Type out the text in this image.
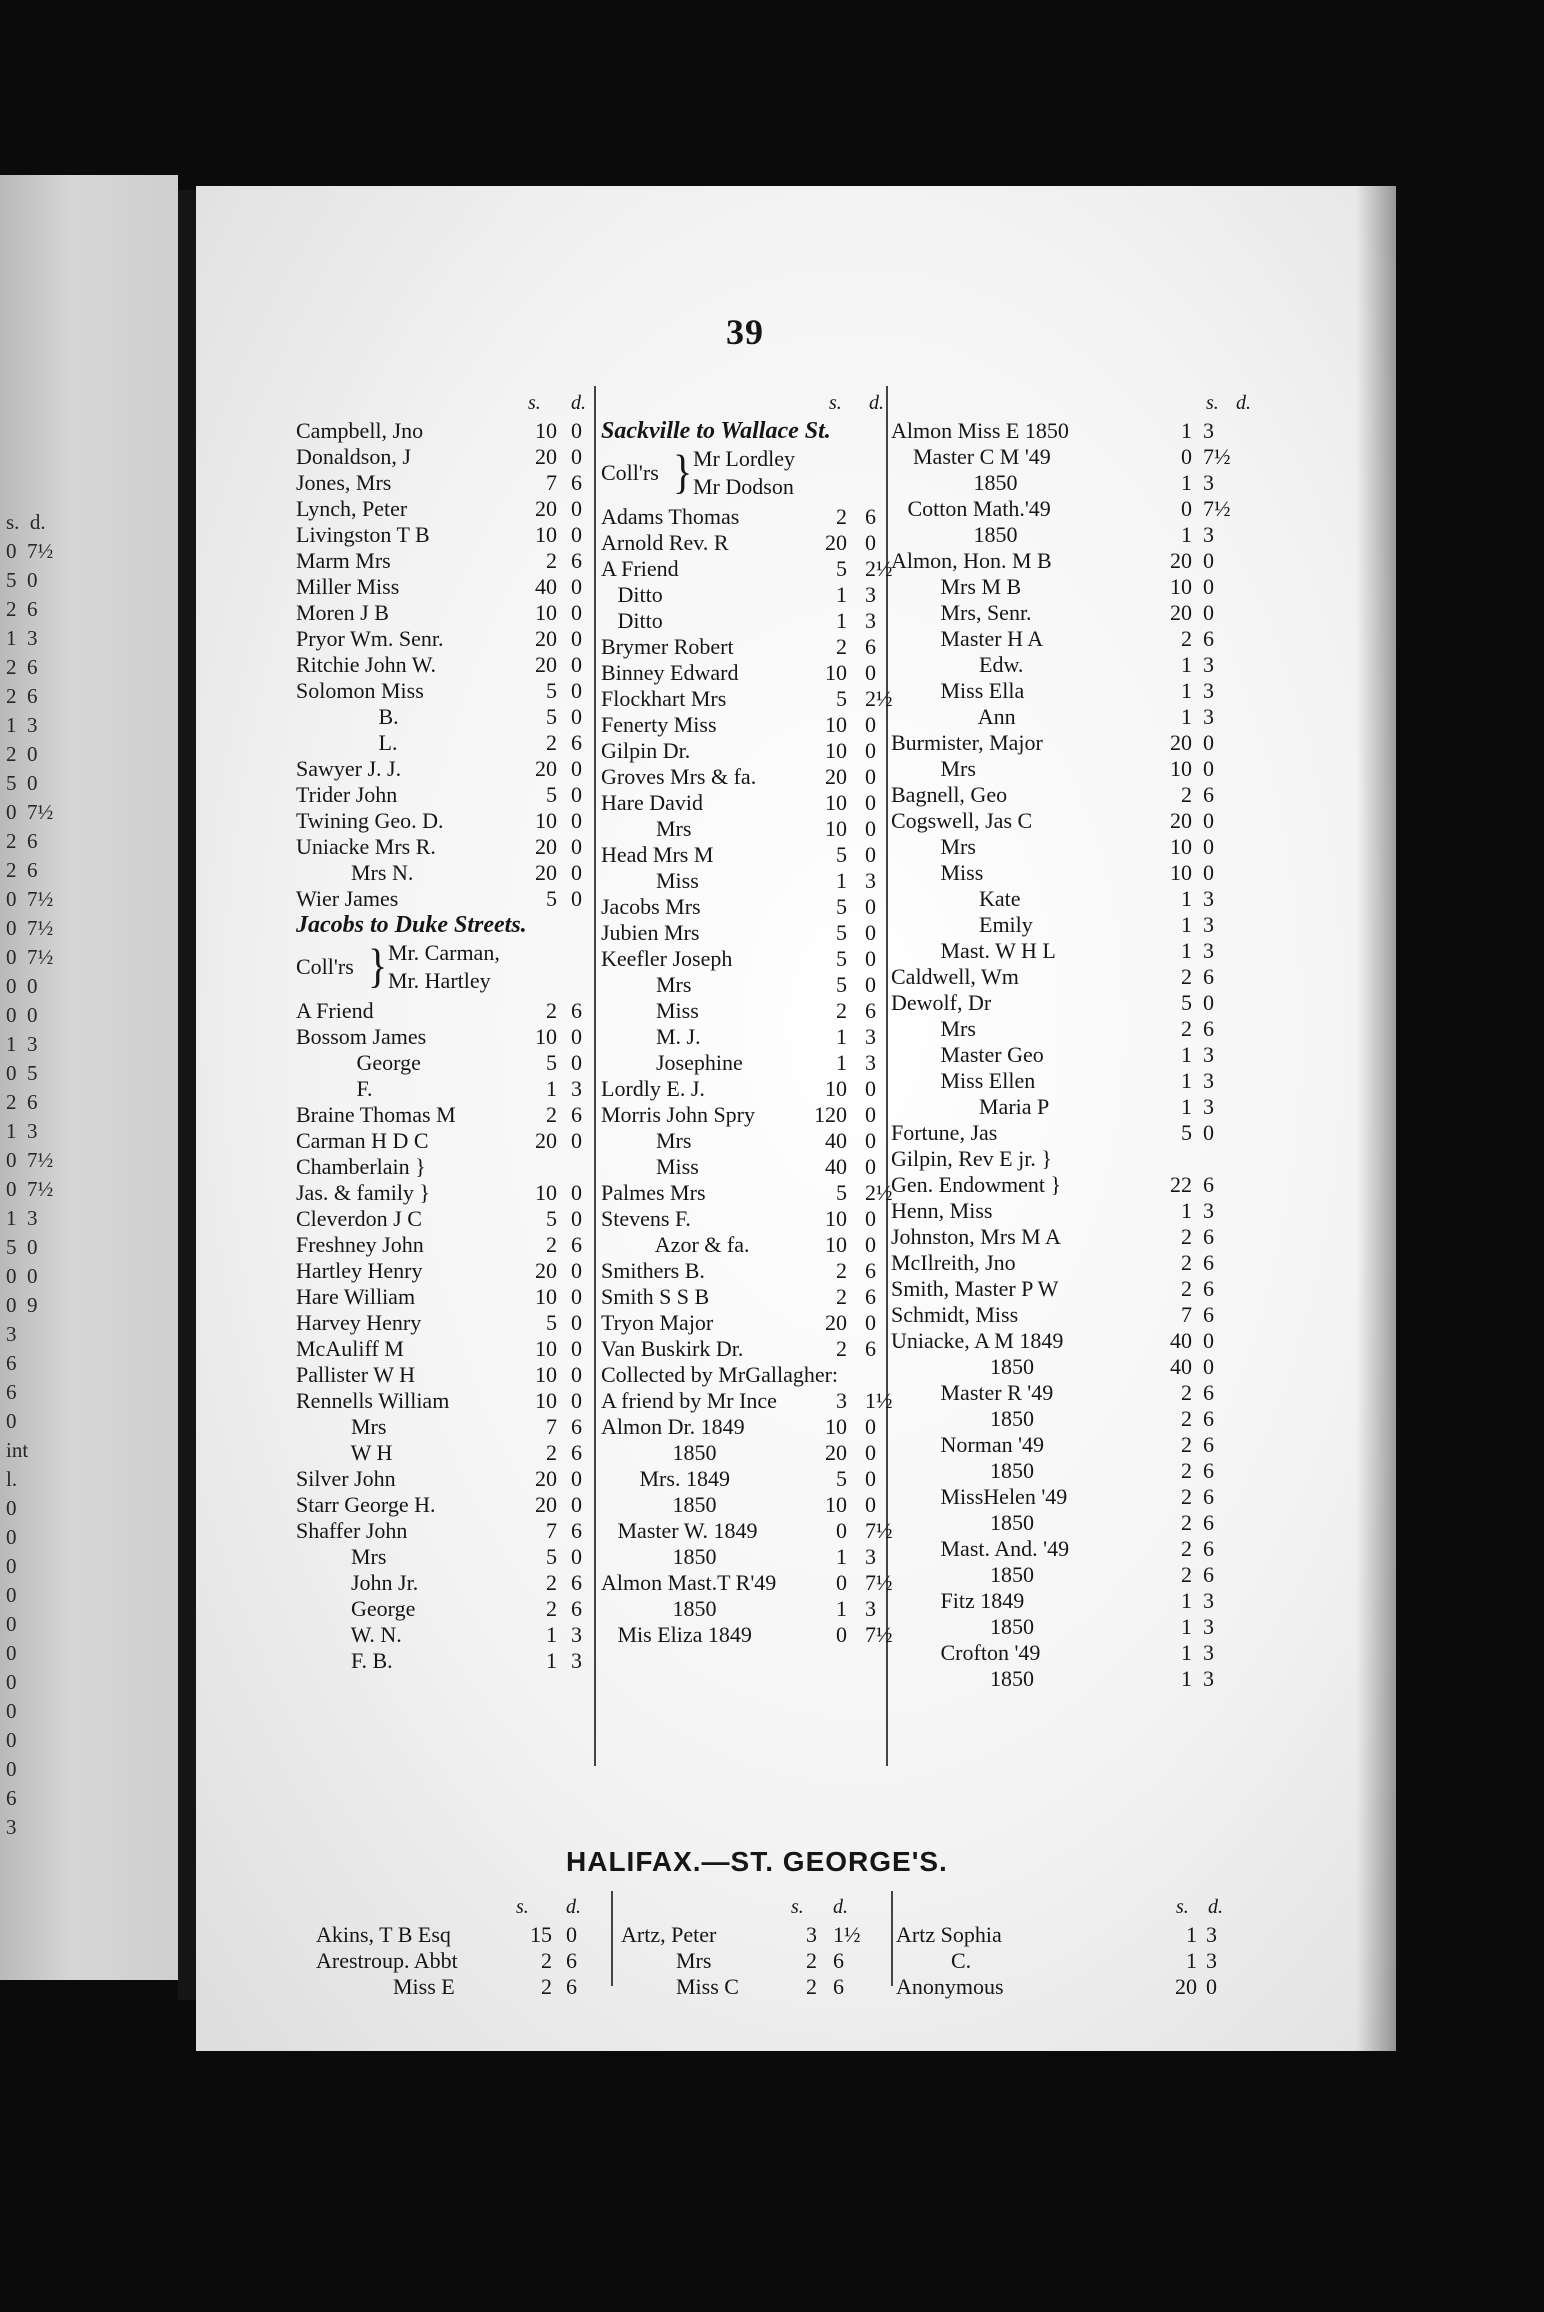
s.  d.
0  7½
5  0
2  6
1  3
2  6
2  6
1  3
2  0
5  0
0  7½
2  6
2  6
0  7½
0  7½
0  7½
0  0
0  0
1  3
0  5
2  6
1  3
0  7½
0  7½
1  3
5  0
0  0
0  9
3
6
6
0
int
l.
0
0
0
0
0
0
0
0
0
0
6
3
39
s. d.
Campbell, Jno	10 0
Donaldson, J	20 0
Jones, Mrs	7 6
Lynch, Peter	20 0
Livingston T B	10 0
Marm Mrs	2 6
Miller Miss	40 0
Moren J B	10 0
Pryor Wm. Senr.	20 0
Ritchie John W.	20 0
Solomon Miss	5 0
B.	5 0
L.	2 6
Sawyer J. J.	20 0
Trider John	5 0
Twining Geo. D.	10 0
Uniacke Mrs R.	20 0
Mrs N.	20 0
Wier James	5 0
Jacobs to Duke Streets.
Coll'rs } Mr. Carman,
Mr. Hartley
A Friend	2 6
Bossom James	10 0
George	5 0
F.	1 3
Braine Thomas M	2 6
Carman H D C	20 0
Chamberlain }
Jas. & family }	10 0
Cleverdon J C	5 0
Freshney John	2 6
Hartley Henry	20 0
Hare William	10 0
Harvey Henry	5 0
McAuliff M	10 0
Pallister W H	10 0
Rennells William	10 0
Mrs	7 6
W H	2 6
Silver John	20 0
Starr George H.	20 0
Shaffer John	7 6
Mrs	5 0
John Jr.	2 6
George	2 6
W. N.	1 3
F. B.	1 3
s. d.
Sackville to Wallace St.
Coll'rs } Mr Lordley
Mr Dodson
Adams Thomas	2 6
Arnold Rev. R	20 0
A Friend	5 2½
Ditto	1 3
Ditto	1 3
Brymer Robert	2 6
Binney Edward	10 0
Flockhart Mrs	5 2½
Fenerty Miss	10 0
Gilpin Dr.	10 0
Groves Mrs & fa.	20 0
Hare David	10 0
Mrs	10 0
Head Mrs M	5 0
Miss	1 3
Jacobs Mrs	5 0
Jubien Mrs	5 0
Keefler Joseph	5 0
Mrs	5 0
Miss	2 6
M. J.	1 3
Josephine	1 3
Lordly E. J.	10 0
Morris John Spry	120 0
Mrs	40 0
Miss	40 0
Palmes Mrs	5 2½
Stevens F.	10 0
Azor & fa.	10 0
Smithers B.	2 6
Smith S S B	2 6
Tryon Major	20 0
Van Buskirk Dr.	2 6
Collected by MrGallagher:
A friend by Mr Ince	3 1½
Almon Dr. 1849	10 0
1850	20 0
Mrs. 1849	5 0
1850	10 0
Master W. 1849	0 7½
1850	1 3
Almon Mast.T R'49	0 7½
1850	1 3
Mis Eliza 1849	0 7½
s. d.
Almon Miss E 1850	1 3
Master C M '49	0 7½
1850	1 3
Cotton Math.'49	0 7½
1850	1 3
Almon, Hon. M B	20 0
Mrs M B	10 0
Mrs, Senr.	20 0
Master H A	2 6
Edw.	1 3
Miss Ella	1 3
Ann	1 3
Burmister, Major	20 0
Mrs	10 0
Bagnell, Geo	2 6
Cogswell, Jas C	20 0
Mrs	10 0
Miss	10 0
Kate	1 3
Emily	1 3
Mast. W H L	1 3
Caldwell, Wm	2 6
Dewolf, Dr	5 0
Mrs	2 6
Master Geo	1 3
Miss Ellen	1 3
Maria P	1 3
Fortune, Jas	5 0
Gilpin, Rev E jr. }
Gen. Endowment }	22 6
Henn, Miss	1 3
Johnston, Mrs M A	2 6
McIlreith, Jno	2 6
Smith, Master P W	2 6
Schmidt, Miss	7 6
Uniacke, A M 1849	40 0
1850	40 0
Master R '49	2 6
1850	2 6
Norman '49	2 6
1850	2 6
MissHelen '49	2 6
1850	2 6
Mast. And. '49	2 6
1850	2 6
Fitz 1849	1 3
1850	1 3
Crofton '49	1 3
1850	1 3
HALIFAX.—ST. GEORGE'S.
s. d.
Akins, T B Esq	15 0
Arestroup. Abbt	2 6
Miss E	2 6
s. d.
Artz, Peter	3 1½
Mrs	2 6
Miss C	2 6
s. d.
Artz Sophia	1 3
C.	1 3
Anonymous	20 0
